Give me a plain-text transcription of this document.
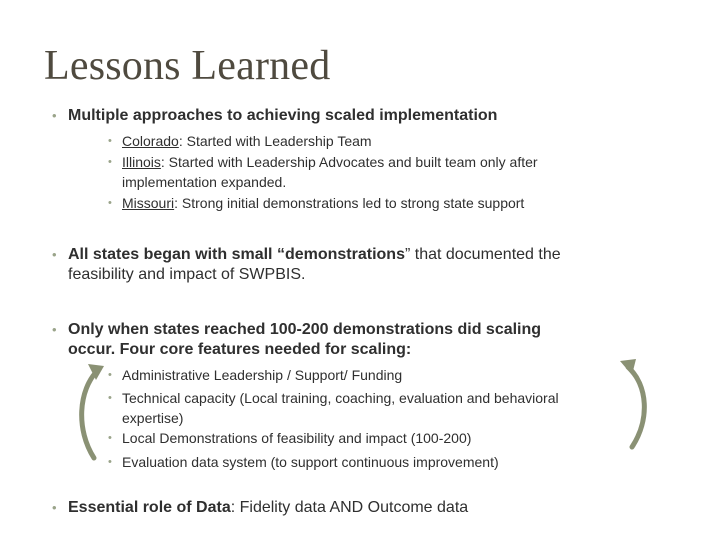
Lessons Learned
• Multiple approaches to achieving scaled implementation
• Colorado: Started with Leadership Team
• Illinois: Started with Leadership Advocates and built team only after
implementation expanded.
• Missouri: Strong initial demonstrations led to strong state support
• All states began with small “demonstrations” that documented the
feasibility and impact of SWPBIS.
• Only when states reached 100-200 demonstrations did scaling
occur. Four core features needed for scaling:
• Administrative Leadership / Support/ Funding
• Technical capacity (Local training, coaching, evaluation and behavioral
expertise)
• Local Demonstrations of feasibility and impact (100-200)
• Evaluation data system (to support continuous improvement)
• Essential role of Data: Fidelity data AND Outcome data
